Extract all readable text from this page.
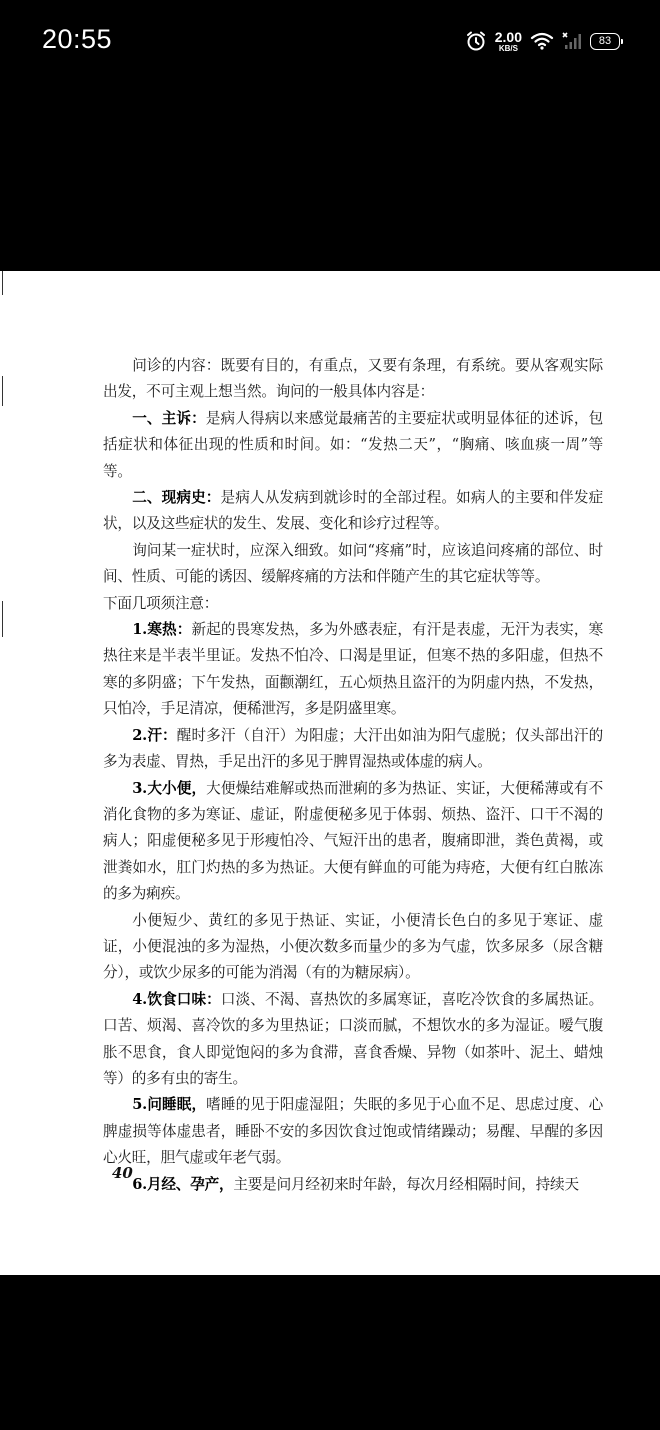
20:55	2.00
KB/S
83

问诊的内容：既要有目的，有重点，又要有条理，有系统。要从客观实际出发，不可主观上想当然。询问的一般具体内容是：

一、主诉：是病人得病以来感觉最痛苦的主要症状或明显体征的述诉，包括症状和体征出现的性质和时间。如：“发热二天”，“胸痛、咳血痰一周”等等。

二、现病史：是病人从发病到就诊时的全部过程。如病人的主要和伴发症状，以及这些症状的发生、发展、变化和诊疗过程等。

询问某一症状时，应深入细致。如问“疼痛”时，应该追问疼痛的部位、时间、性质、可能的诱因、缓解疼痛的方法和伴随产生的其它症状等等。

下面几项须注意：

1.寒热：新起的畏寒发热，多为外感表症，有汗是表虚，无汗为表实，寒热往来是半表半里证。发热不怕冷、口渴是里证，但寒不热的多阳虚，但热不寒的多阴盛；下午发热，面颧潮红，五心烦热且盗汗的为阴虚内热，不发热，只怕冷，手足清凉，便稀泄泻，多是阴盛里寒。

2.汗：醒时多汗（自汗）为阳虚；大汗出如油为阳气虚脱；仅头部出汗的多为表虚、胃热，手足出汗的多见于脾胃湿热或体虚的病人。

3.大小便，大便燥结难解或热而泄痢的多为热证、实证，大便稀薄或有不消化食物的多为寒证、虚证，附虚便秘多见于体弱、烦热、盗汗、口干不渴的病人；阳虚便秘多见于形瘦怕冷、气短汗出的患者，腹痛即泄，粪色黄褐，或泄粪如水，肛门灼热的多为热证。大便有鲜血的可能为痔疮，大便有红白脓冻的多为痢疾。

小便短少、黄红的多见于热证、实证，小便清长色白的多见于寒证、虚证，小便混浊的多为湿热，小便次数多而量少的多为气虚，饮多尿多（尿含糖分），或饮少尿多的可能为消渴（有的为糖尿病）。

4.饮食口味：口淡、不渴、喜热饮的多属寒证，喜吃冷饮食的多属热证。口苦、烦渴、喜冷饮的多为里热证；口淡而腻，不想饮水的多为湿证。嗳气腹胀不思食，食人即觉饱闷的多为食滞，喜食香燥、异物（如茶叶、泥土、蜡烛等）的多有虫的寄生。

5.问睡眠，嗜睡的见于阳虚湿阻；失眠的多见于心血不足、思虑过度、心脾虚损等体虚患者，睡卧不安的多因饮食过饱或情绪躁动；易醒、早醒的多因心火旺，胆气虚或年老气弱。

6.月经、孕产，主要是问月经初来时年龄，每次月经相隔时间，持续天

40
